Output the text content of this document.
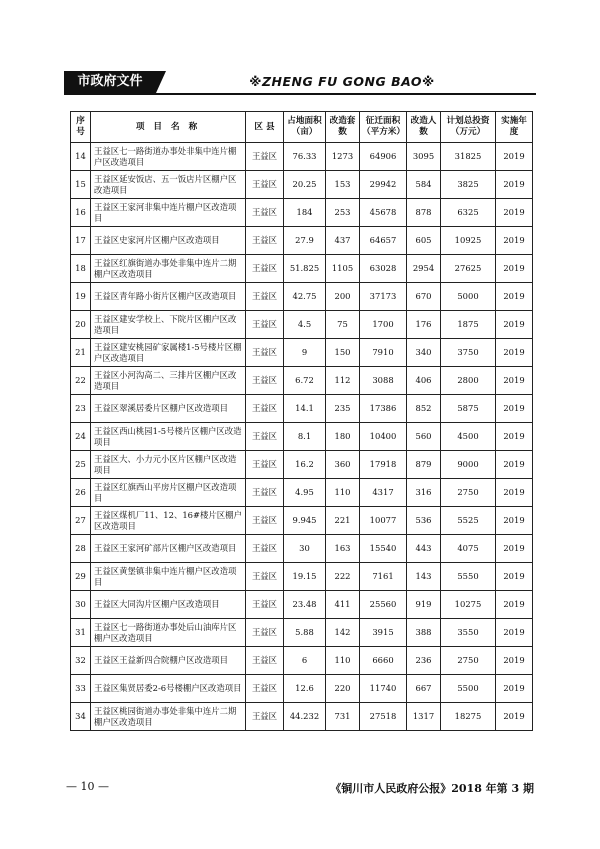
市政府文件	※ZHENG FU GONG BAO※
序号	项 目 名 称	区 县	占地面积（亩）	改造套数	征迁面积（平方米）	改造人数	计划总投资（万元）	实施年度
14	王益区七一路街道办事处非集中连片棚户区改造项目	王益区	76.33	1273	64906	3095	31825	2019
15	王益区延安饭店、五一饭店片区棚户区改造项目	王益区	20.25	153	29942	584	3825	2019
16	王益区王家河非集中连片棚户区改造项目	王益区	184	253	45678	878	6325	2019
17	王益区史家河片区棚户区改造项目	王益区	27.9	437	64657	605	10925	2019
18	王益区红旗街道办事处非集中连片二期棚户区改造项目	王益区	51.825	1105	63028	2954	27625	2019
19	王益区青年路小街片区棚户区改造项目	王益区	42.75	200	37173	670	5000	2019
20	王益区建安学校上、下院片区棚户区改造项目	王益区	4.5	75	1700	176	1875	2019
21	王益区建安桃园矿家属楼1-5号楼片区棚户区改造项目	王益区	9	150	7910	340	3750	2019
22	王益区小河沟高二、三排片区棚户区改造项目	王益区	6.72	112	3088	406	2800	2019
23	王益区翠溪居委片区棚户区改造项目	王益区	14.1	235	17386	852	5875	2019
24	王益区西山桃园1-5号楼片区棚户区改造项目	王益区	8.1	180	10400	560	4500	2019
25	王益区大、小力元小区片区棚户区改造项目	王益区	16.2	360	17918	879	9000	2019
26	王益区红旗西山平房片区棚户区改造项目	王益区	4.95	110	4317	316	2750	2019
27	王益区煤机厂11、12、16#楼片区棚户区改造项目	王益区	9.945	221	10077	536	5525	2019
28	王益区王家河矿部片区棚户区改造项目	王益区	30	163	15540	443	4075	2019
29	王益区黄堡镇非集中连片棚户区改造项目	王益区	19.15	222	7161	143	5550	2019
30	王益区大同沟片区棚户区改造项目	王益区	23.48	411	25560	919	10275	2019
31	王益区七一路街道办事处后山油库片区棚户区改造项目	王益区	5.88	142	3915	388	3550	2019
32	王益区王益新四合院棚户区改造项目	王益区	6	110	6660	236	2750	2019
33	王益区集贤居委2-6号楼棚户区改造项目	王益区	12.6	220	11740	667	5500	2019
34	王益区桃园街道办事处非集中连片二期棚户区改造项目	王益区	44.232	731	27518	1317	18275	2019
— 10 —	《铜川市人民政府公报》2018 年第 3 期
